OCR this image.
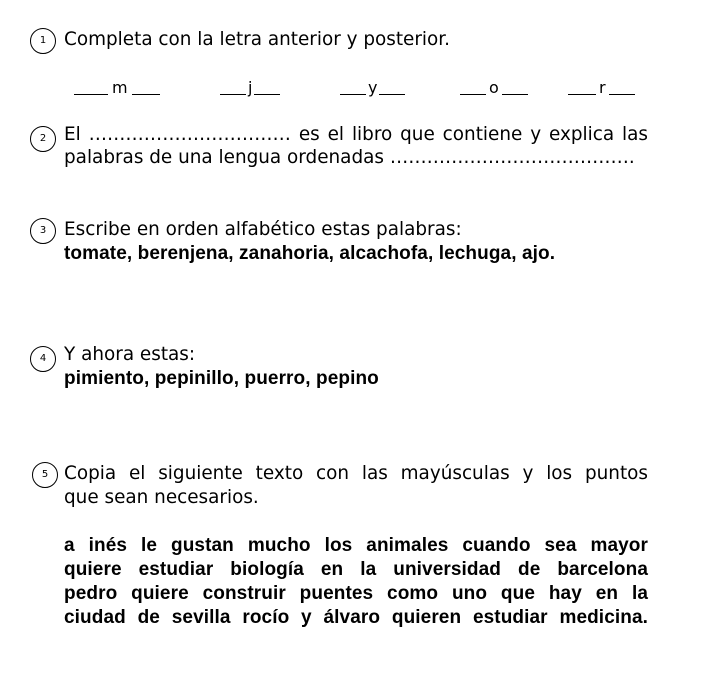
1 Completa con la letra anterior y posterior.
m	j	y	o	r
2 El …………………………… es el libro que contiene y explica las
palabras de una lengua ordenadas ………………………………….
3 Escribe en orden alfabético estas palabras:
tomate, berenjena, zanahoria, alcachofa, lechuga, ajo.
4 Y ahora estas:
pimiento, pepinillo, puerro, pepino
5 Copia el siguiente texto con las mayúsculas y los puntos
que sean necesarios.
a inés le gustan mucho los animales cuando sea mayor
quiere estudiar biología en la universidad de barcelona
pedro quiere construir puentes como uno que hay en la
ciudad de sevilla rocío y álvaro quieren estudiar medicina.
